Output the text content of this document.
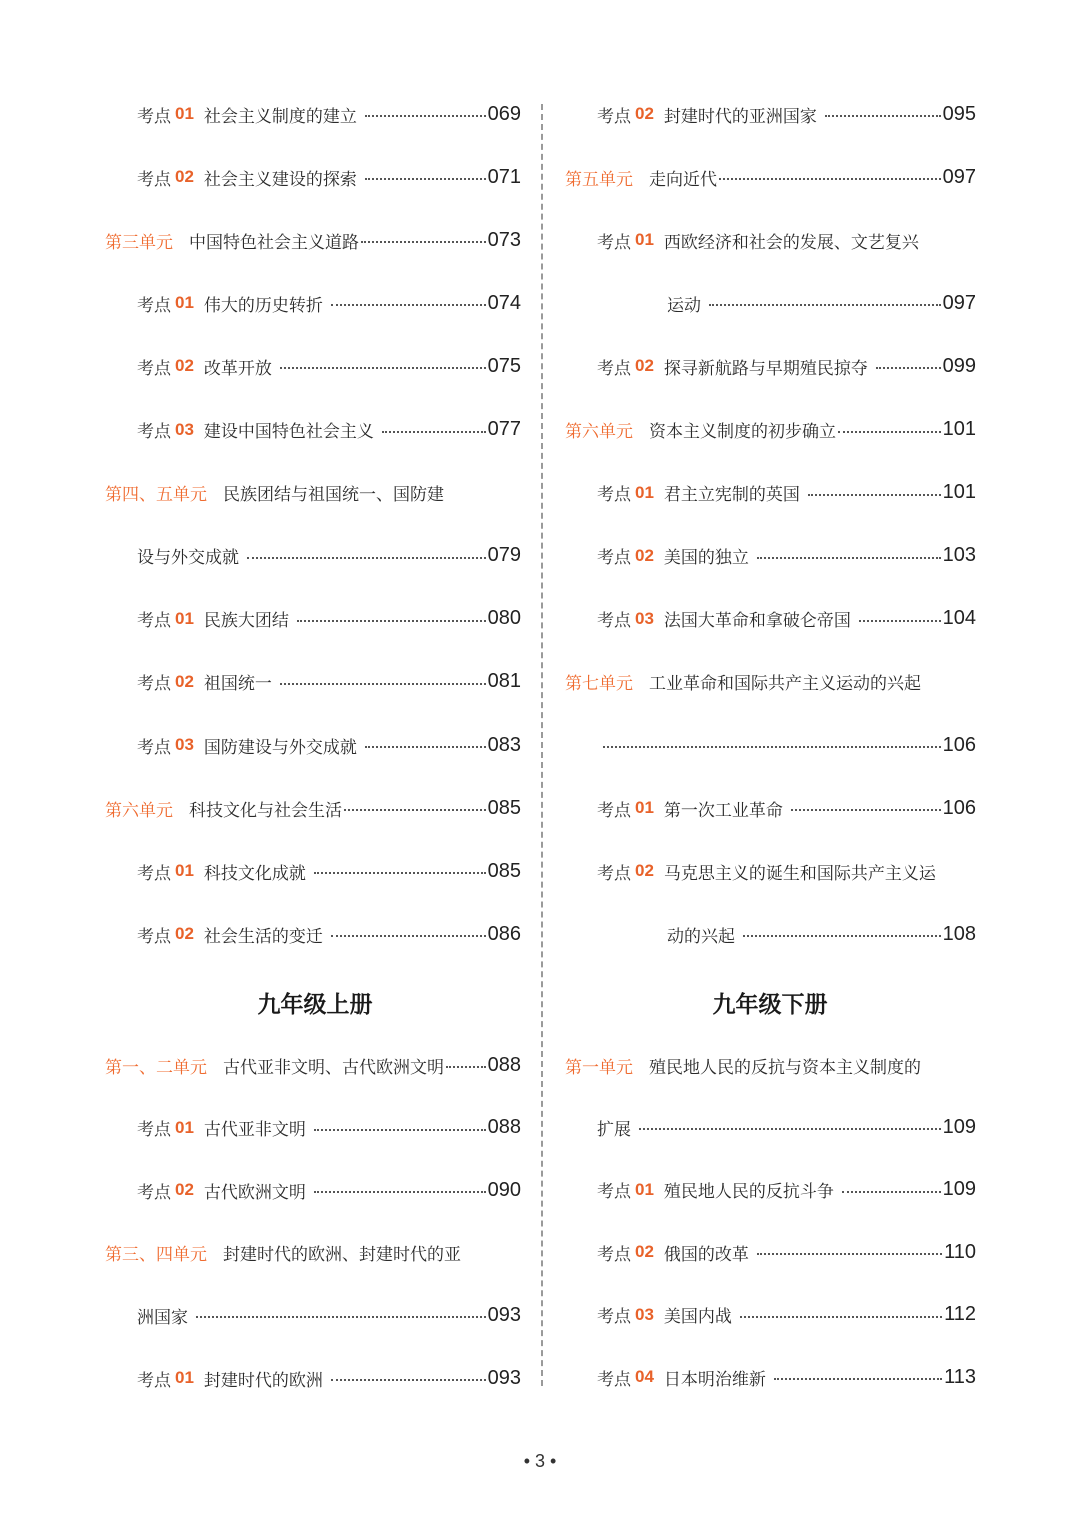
考点 01 社会主义制度的建立	069
考点 02 社会主义建设的探索	071
第三单元 中国特色社会主义道路	073
考点 01 伟大的历史转折	074
考点 02 改革开放	075
考点 03 建设中国特色社会主义	077
第四、五单元 民族团结与祖国统一、国防建
设与外交成就	079
考点 01 民族大团结	080
考点 02 祖国统一	081
考点 03 国防建设与外交成就	083
第六单元 科技文化与社会生活	085
考点 01 科技文化成就	085
考点 02 社会生活的变迁	086
第一、二单元 古代亚非文明、古代欧洲文明 088
考点 01 古代亚非文明	088
考点 02 古代欧洲文明	090
第三、四单元 封建时代的欧洲、封建时代的亚
洲国家	093
考点 01 封建时代的欧洲	093
九年级上册
考点 02 封建时代的亚洲国家	095
第五单元 走向近代	097
考点 01 西欧经济和社会的发展、文艺复兴
运动	097
考点 02 探寻新航路与早期殖民掠夺	099
第六单元 资本主义制度的初步确立	101
考点 01 君主立宪制的英国	101
考点 02 美国的独立	103
考点 03 法国大革命和拿破仑帝国	104
第七单元 工业革命和国际共产主义运动的兴起
106
考点 01 第一次工业革命	106
考点 02 马克思主义的诞生和国际共产主义运
动的兴起	108
第一单元 殖民地人民的反抗与资本主义制度的
扩展	109
考点 01 殖民地人民的反抗斗争	109
考点 02 俄国的改革	110
考点 03 美国内战	112
考点 04 日本明治维新	113
九年级下册
• 3 •
